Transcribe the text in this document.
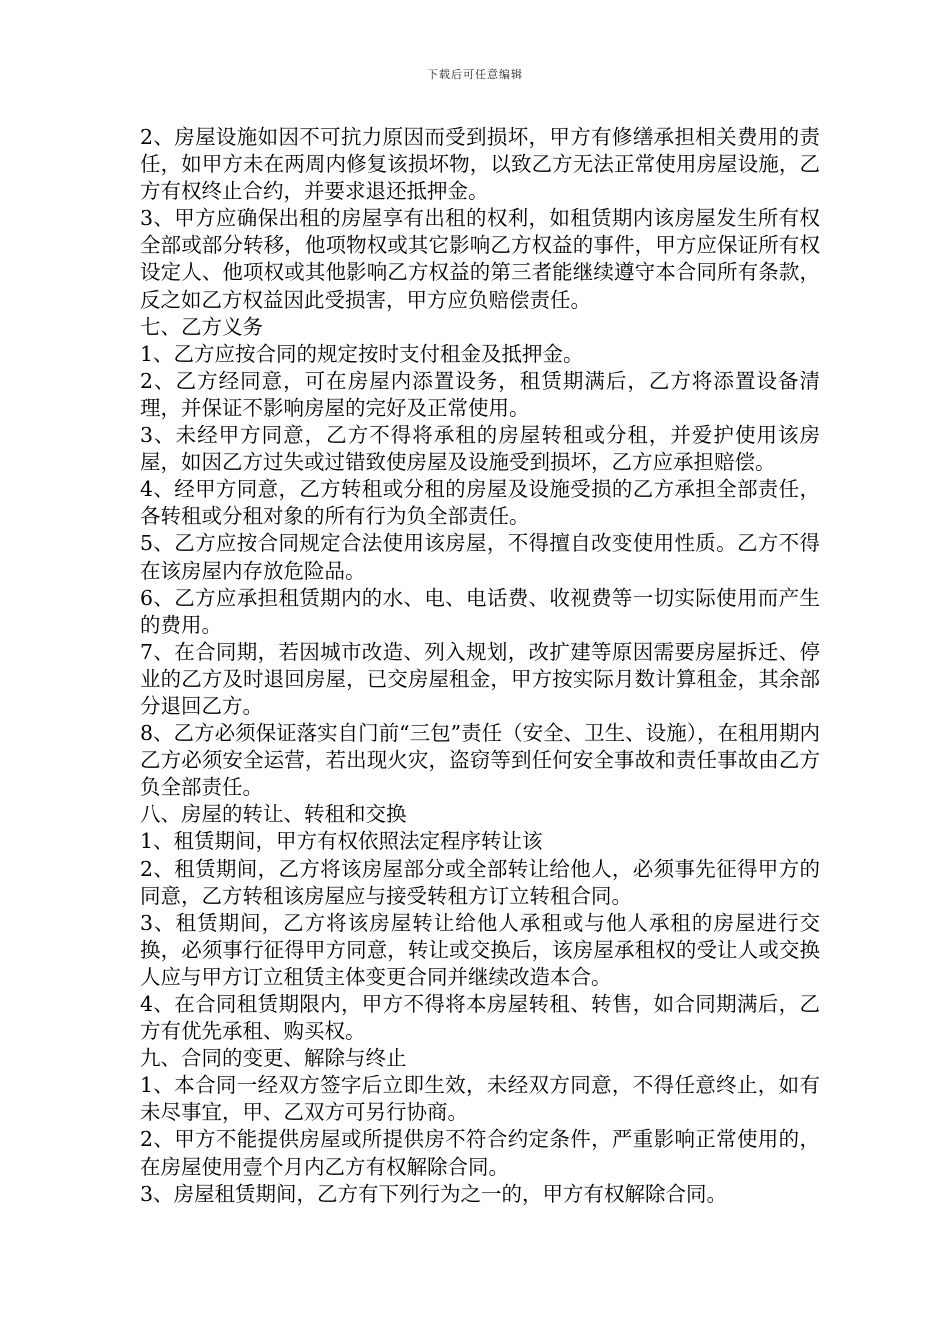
下载后可任意编辑

2、房屋设施如因不可抗力原因而受到损坏，甲方有修缮承担相关费用的责任，如甲方未在两周内修复该损坏物，以致乙方无法正常使用房屋设施，乙方有权终止合约，并要求退还抵押金。

3、甲方应确保出租的房屋享有出租的权利，如租赁期内该房屋发生所有权全部或部分转移，他项物权或其它影响乙方权益的事件，甲方应保证所有权设定人、他项权或其他影响乙方权益的第三者能继续遵守本合同所有条款，反之如乙方权益因此受损害，甲方应负赔偿责任。

七、乙方义务

1、乙方应按合同的规定按时支付租金及抵押金。

2、乙方经同意，可在房屋内添置设务，租赁期满后，乙方将添置设备清理，并保证不影响房屋的完好及正常使用。

3、未经甲方同意，乙方不得将承租的房屋转租或分租，并爱护使用该房屋，如因乙方过失或过错致使房屋及设施受到损坏，乙方应承担赔偿。

4、经甲方同意，乙方转租或分租的房屋及设施受损的乙方承担全部责任，各转租或分租对象的所有行为负全部责任。

5、乙方应按合同规定合法使用该房屋，不得擅自改变使用性质。乙方不得在该房屋内存放危险品。

6、乙方应承担租赁期内的水、电、电话费、收视费等一切实际使用而产生的费用。

7、在合同期，若因城市改造、列入规划，改扩建等原因需要房屋拆迁、停业的乙方及时退回房屋，已交房屋租金，甲方按实际月数计算租金，其余部分退回乙方。

8、乙方必须保证落实自门前“三包”责任（安全、卫生、设施），在租用期内乙方必须安全运营，若出现火灾，盗窃等到任何安全事故和责任事故由乙方负全部责任。

八、房屋的转让、转租和交换

1、租赁期间，甲方有权依照法定程序转让该

2、租赁期间，乙方将该房屋部分或全部转让给他人，必须事先征得甲方的同意，乙方转租该房屋应与接受转租方订立转租合同。

3、租赁期间，乙方将该房屋转让给他人承租或与他人承租的房屋进行交换，必须事行征得甲方同意，转让或交换后，该房屋承租权的受让人或交换人应与甲方订立租赁主体变更合同并继续改造本合。

4、在合同租赁期限内，甲方不得将本房屋转租、转售，如合同期满后，乙方有优先承租、购买权。

九、合同的变更、解除与终止

1、本合同一经双方签字后立即生效，未经双方同意，不得任意终止，如有未尽事宜，甲、乙双方可另行协商。

2、甲方不能提供房屋或所提供房不符合约定条件，严重影响正常使用的，在房屋使用壹个月内乙方有权解除合同。

3、房屋租赁期间，乙方有下列行为之一的，甲方有权解除合同。
